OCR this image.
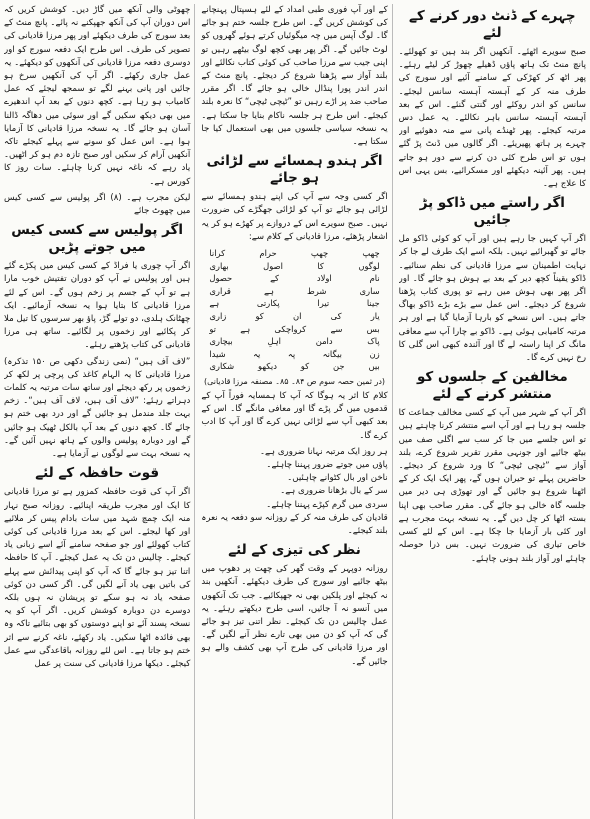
چہرے کے ڈنٹ دور کرنے کے لئے

صبح سویرے اٹھئے۔ آنکھیں اگر بند ہیں تو کھولئے۔ پانچ منٹ تک ہاتھ پاؤں ڈھیلے چھوڑ کر لیٹے رہئے۔ پھر اٹھ کر کھڑکی کے سامنے آئیے اور سورج کی طرف منہ کر کے آہستہ آہستہ سانس لیجئے۔ سانس کو اندر روکئے اور گنتی گنئے۔ اس کے بعد آہستہ آہستہ سانس باہر نکالئے۔ یہ عمل دس مرتبہ کیجئے۔ پھر ٹھنڈے پانی سے منہ دھوئیے اور چہرے پر ہاتھ پھیریئے۔ اگر گالوں میں ڈنٹ پڑ گئے ہوں تو اس طرح کئی دن کرنے سے دور ہو جاتے ہیں۔ پھر آئینہ دیکھئے اور مسکرائیے، بس یہی اس کا علاج ہے۔

اگر راستے میں ڈاکو پڑ جائیں

اگر آپ کہیں جا رہے ہیں اور آپ کو کوئی ڈاکو مل جائے تو گھبرائیے نہیں۔ بلکہ اسے ایک طرف لے جا کر نہایت اطمینان سے مرزا قادیانی کی نظم سنائیے۔ ڈاکو یقیناً کچھ دیر کے بعد بے ہوش ہو جائے گا۔ اور اگر پھر بھی ہوش میں رہے تو پوری کتاب پڑھنا شروع کر دیجئے۔ اس عمل سے بڑے بڑے ڈاکو بھاگ جاتے ہیں۔ اس نسخے کو بارہا آزمایا گیا ہے اور ہر مرتبہ کامیابی ہوئی ہے۔ ڈاکو بے چارا آپ سے معافی مانگ کر اپنا راستہ لے گا اور آئندہ کبھی اس گلی کا رخ نہیں کرے گا۔

مخالفین کے جلسوں کو منتشر کرنے کے لئے

اگر آپ کے شہر میں آپ کے کسی مخالف جماعت کا جلسہ ہو رہا ہے اور آپ اسے منتشر کرنا چاہتے ہیں تو اس جلسے میں جا کر سب سے اگلی صف میں بیٹھ جائیے اور جونہی مقرر تقریر شروع کرے، بلند آواز سے ”ٹیچی ٹیچی“ کا ورد شروع کر دیجئے۔ حاضرین پہلے تو حیران ہوں گے، پھر ایک ایک کر کے اٹھنا شروع ہو جائیں گے اور تھوڑی ہی دیر میں جلسہ گاہ خالی ہو جائے گی۔ مقرر صاحب بھی اپنا بستہ اٹھا کر چل دیں گے۔ یہ نسخہ بہت مجرب ہے اور کئی بار آزمایا جا چکا ہے۔ اس کے لئے کسی خاص تیاری کی ضرورت نہیں۔ بس ذرا حوصلہ چاہئے اور آواز بلند ہونی چاہئے۔

کے اور آپ فوری طبی امداد کے لئے ہسپتال پہنچانے کی کوشش کریں گے۔ اس طرح جلسہ ختم ہو جائے گا۔ لوگ آپس میں چہ میگوئیاں کرتے ہوئے گھروں کو لوٹ جائیں گے۔ اگر پھر بھی کچھ لوگ بیٹھے رہیں تو اپنی جیب سے مرزا صاحب کی کوئی کتاب نکالئے اور بلند آواز سے پڑھنا شروع کر دیجئے۔ پانچ منٹ کے اندر اندر پورا پنڈال خالی ہو جائے گا۔ اگر مقرر صاحب ضد پر اڑے رہیں تو ”ٹیچی ٹیچی“ کا نعرہ بلند کیجئے۔ اس طرح ہر جلسہ ناکام بنایا جا سکتا ہے۔ یہ نسخہ سیاسی جلسوں میں بھی استعمال کیا جا سکتا ہے۔

اگر ہندو ہمسائے سے لڑائی ہو جائے

اگر کسی وجہ سے آپ کی اپنے ہندو ہمسائے سے لڑائی ہو جائے تو آپ کو لڑائی جھگڑے کی ضرورت نہیں۔ صبح سویرے اس کے دروازے پر کھڑے ہو کر یہ اشعار پڑھئے، مرزا قادیانی کے کلام سے:

چھپ
چھپ
حرام
کرانا
لوگوں
کا
اصول
بھاری
نام
اولاد
کے
حصول
ساری
شرط
ہے
قراری
جینا
تیرا
پکارتی
ہے
یار
کی
ان
کو
زاری
بس
سے
کرواچکی
ہے
تو
پاک
دامن
اہلِ
بیچاری
زن
بیگانہ
پہ
یہ
شیدا
بیں
جن
کو
دیکھو
شکاری
(در ثمین حصہ سوم ص ۸۴۔ ۸۵۔ مصنفہ مرزا قادیانی)

کلام کا اثر یہ ہوگا کہ آپ کا ہمسایہ فوراً آپ کے قدموں میں گر پڑے گا اور معافی مانگے گا۔ اس کے بعد کبھی آپ سے لڑائی نہیں کرے گا اور آپ کا ادب کرے گا۔

ہر روز ایک مرتبہ نہانا ضروری ہے۔
پاؤں میں جوتے ضرور پہننا چاہئے۔
ناخن اور بال کٹوانے چاہئیں۔
سر کے بال بڑھانا ضروری ہے۔
سردی میں گرم کپڑے پہننا چاہئے۔
قادیان کی طرف منہ کر کے روزانہ سو دفعہ یہ نعرہ بلند کیجئے۔

نظر کی تیزی کے لئے

روزانہ دوپہر کے وقت گھر کی چھت پر دھوپ میں بیٹھ جائیے اور سورج کی طرف دیکھئے۔ آنکھیں بند نہ کیجئے اور پلکیں بھی نہ جھپکائیے۔ جب تک آنکھوں میں آنسو نہ آ جائیں، اسی طرح دیکھتے رہئے۔ یہ عمل چالیس دن تک کیجئے۔ نظر اتنی تیز ہو جائے گی کہ آپ کو دن میں بھی تارے نظر آنے لگیں گے۔ اور مرزا قادیانی کی طرح آپ بھی کشف والے ہو جائیں گے۔

چھوٹی والی آنکھ میں گاڑ دیں۔ کوشش کریں کہ اس دوران آپ کی آنکھ جھپکنے نہ پائے۔ پانچ منٹ کے بعد سورج کی طرف دیکھئے اور پھر مرزا قادیانی کی تصویر کی طرف۔ اس طرح ایک دفعہ سورج کو اور دوسری دفعہ مرزا قادیانی کی آنکھوں کو دیکھئے۔ یہ عمل جاری رکھئے۔ اگر آپ کی آنکھیں سرخ ہو جائیں اور پانی بہنے لگے تو سمجھ لیجئے کہ عمل کامیاب ہو رہا ہے۔ کچھ دنوں کے بعد آپ اندھیرے میں بھی دیکھ سکیں گے اور سوئی میں دھاگہ ڈالنا آسان ہو جائے گا۔ یہ نسخہ مرزا قادیانی کا آزمایا ہوا ہے۔ اس عمل کو سونے سے پہلے کیجئے تاکہ آنکھیں آرام کر سکیں اور صبح تازہ دم ہو کر اٹھیں۔ یاد رہے کہ ناغہ نہیں کرنا چاہئے۔ سات روز کا کورس ہے۔

لیکن مجرب ہے۔ (۸) اگر پولیس سے کسی کیس میں چھوٹ جائے

اگر پولیس سے کسی کیس میں جوتے پڑیں

اگر آپ چوری یا فراڈ کے کسی کیس میں پکڑے گئے ہیں اور پولیس نے آپ کو دوران تفتیش خوب مارا ہے تو آپ کے جسم پر زخم ہوں گے۔ اس کے لئے مرزا قادیانی کا بتایا ہوا یہ نسخہ آزمائیے۔ ایک چھٹانک ہلدی، دو تولے گڑ، پاؤ بھر سرسوں کا تیل ملا کر پکائیے اور زخموں پر لگائیے۔ ساتھ ہی مرزا قادیانی کی کتاب پڑھتے رہئے۔

”لاف آف ہیں“ (نمی زندگی دکھی ص ۱۵۰ تذکرہ) مرزا قادیانی کا یہ الہام کاغذ کی پرچی پر لکھ کر زخموں پر رکھ دیجئے اور ساتھ سات مرتبہ یہ کلمات دہراتے رہئے: ”لاف آف ہیں، لاف آف ہیں“۔ زخم بہت جلد مندمل ہو جائیں گے اور درد بھی ختم ہو جائے گا۔ کچھ دنوں کے بعد آپ بالکل ٹھیک ہو جائیں گے اور دوبارہ پولیس والوں کے ہاتھ نہیں آئیں گے۔ یہ نسخہ بہت سے لوگوں نے آزمایا ہے۔

قوت حافظہ کے لئے

اگر آپ کی قوت حافظہ کمزور ہے تو مرزا قادیانی کا ایک اور مجرب طریقہ اپنائیے۔ روزانہ صبح نہار منہ ایک چمچ شہد میں سات بادام پیس کر ملائیے اور کھا لیجئے۔ اس کے بعد مرزا قادیانی کی کوئی کتاب کھولئے اور جو صفحہ سامنے آئے اسے زبانی یاد کیجئے۔ چالیس دن تک یہ عمل کیجئے۔ آپ کا حافظہ اتنا تیز ہو جائے گا کہ آپ کو اپنی پیدائش سے پہلے کی باتیں بھی یاد آنے لگیں گی۔ اگر کسی دن کوئی صفحہ یاد نہ ہو سکے تو پریشان نہ ہوں بلکہ دوسرے دن دوبارہ کوشش کریں۔ اگر آپ کو یہ نسخہ پسند آئے تو اپنے دوستوں کو بھی بتائیے تاکہ وہ بھی فائدہ اٹھا سکیں۔ یاد رکھئے، ناغہ کرنے سے اثر ختم ہو جاتا ہے۔ اس لئے روزانہ باقاعدگی سے عمل کیجئے۔ دیکھا مرزا قادیانی کی سنت پر عمل
